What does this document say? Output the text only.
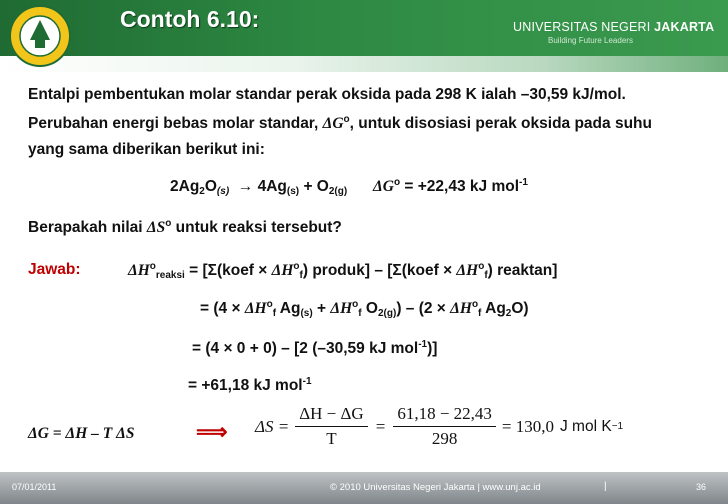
Contoh 6.10:	UNIVERSITAS NEGERI JAKARTA
Building Future Leaders
Entalpi pembentukan molar standar perak oksida pada 298 K ialah –30,59 kJ/mol.
Perubahan energi bebas molar standar, $\Delta G^o$, untuk disosiasi perak oksida pada suhu
yang sama diberikan berikut ini:
$2Ag_2O_{(s)} \to 4Ag_{(s)} + O_{2(g)}$ $\Delta G^o = +22,43$ kJ mol$^{-1}$
Berapakah nilai $\Delta S^o$ untuk reaksi tersebut?
Jawab:	$\Delta H^o_{reaksi}$ = [Σ(koef × $\Delta H^o_f$) produk] – [Σ(koef × $\Delta H^o_f$) reaktan]
= ($4 \times \Delta H^o_f$ $Ag_{(s)} + \Delta H^o_f$ $O_{2(g)}) - (2 \times \Delta H^o_f$ $Ag_2O$)
= (4 × 0 + 0) – [2 (–30,59 kJ mol$^{-1}$)]
= +61,18 kJ mol$^{-1}$
ΔG = ΔH – T ΔS	⟹ $\Delta S = \frac{\Delta H - \Delta G}{T} = \frac{61,18 - 22,43}{298} = 130,0$ J mol K −1
07/01/2011	© 2010 Universitas Negeri Jakarta | www.unj.ac.id	|	36
